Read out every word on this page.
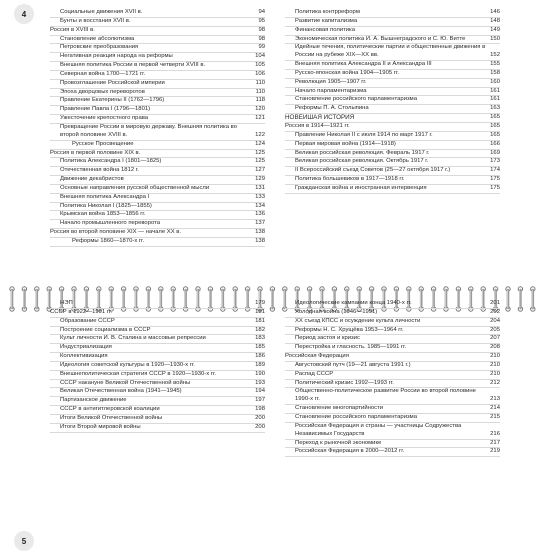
4	Социальные движения XVII в.	94
Бунты и восстания XVII в.	95
Россия в XVIII в.	98
Становление абсолютизма	98
Петровские преобразования	99
Негативная реакция народа на реформы	104
Внешняя политика России в первой четверти XVIII в.	105
Северная война 1700—1721 гг.	106
Провозглашение Российской империи	110
Эпоха дворцовых переворотов	110
Правление Екатерины II (1762—1796)	118
Правление Павла I (1796—1801)	120
Ужесточение крепостного права	121
Превращение России в мировую державу. Внешняя политика во второй половине XVIII в.	122
Русское Просвещение	124
Россия в первой половине XIX в.	125
Политика Александра I (1801—1825)	125
Отечественная война 1812 г.	127
Движение декабристов	129
Основные направления русской общественной мысли	131
Внешняя политика Александра I	133
Политика Николая I (1825—1855)	134
Крымская война 1853—1856 гг.	136
Начало промышленного переворота	137
Россия во второй половине XIX — начале XX в.	138
Реформы 1860—1870-х гг.	138
Политика контрреформ	146
Развитие капитализма	148
Финансовая политика	149
Экономическая политика И. А. Вышнеградского и С. Ю. Витте	150
Идейные течения, политические партии и общественные движения в России на рубеже XIX—XX вв.	152
Внешняя политика Александра II и Александра III	155
Русско-японская война 1904—1905 гг.	158
Революция 1905—1907 гг.	160
Начало парламентаризма	161
Становление российского парламентаризма	161
Реформы П. А. Столыпина	163
НОВЕЙШАЯ ИСТОРИЯ	165
Россия в 1914—1921 гг.	165
Правление Николая II с июля 1914 по март 1917 г.	165
Первая мировая война (1914—1918)	166
Великая российская революция. Февраль 1917 г.	169
Великая российская революция. Октябрь 1917 г.	173
II Всероссийский съезд Советов (25—27 октября 1917 г.)	174
Политика большевиков в 1917—1918 гг.	175
Гражданская война и иностранная интервенция	175
НЭП	179
СССР в 1922—1991 гг.	181
Образование СССР	181
Построение социализма в СССР	182
Культ личности И. В. Сталина и массовые репрессии	183
Индустриализация	185
Коллективизация	186
Идеология советской культуры в 1920—1930-х гг.	189
Внешнеполитическая стратегия СССР в 1920—1930-х гг.	190
СССР накануне Великой Отечественной войны	193
Великая Отечественная война (1941—1945)	194
Партизанское движение	197
СССР в антигитлеровской коалиции	198
Итоги Великой Отечественной войны	200
Итоги Второй мировой войны	200
Идеологические кампании конца 1940-х гг.	201
Холодная война (1946—1991)	202
XX съезд КПСС и осуждение культа личности	204
Реформы Н. С. Хрущёва 1953—1964 гг.	205
Период застоя и кризис	207
Перестройка и гласность. 1985—1991 гг.	208
Российская Федерация	210
Августовский путч (19—21 августа 1991 г.)	210
Распад СССР	210
Политический кризис 1992—1993 гг.	212
Общественно-политическое развитие России во второй половине 1990-х гг.	213
Становление многопартийности	214
Становление российского парламентаризма	215
Российская Федерация и страны — участницы Содружества Независимых Государств	216
Переход к рыночной экономике	217
Российская Федерация в 2000—2012 гг.	219
5
